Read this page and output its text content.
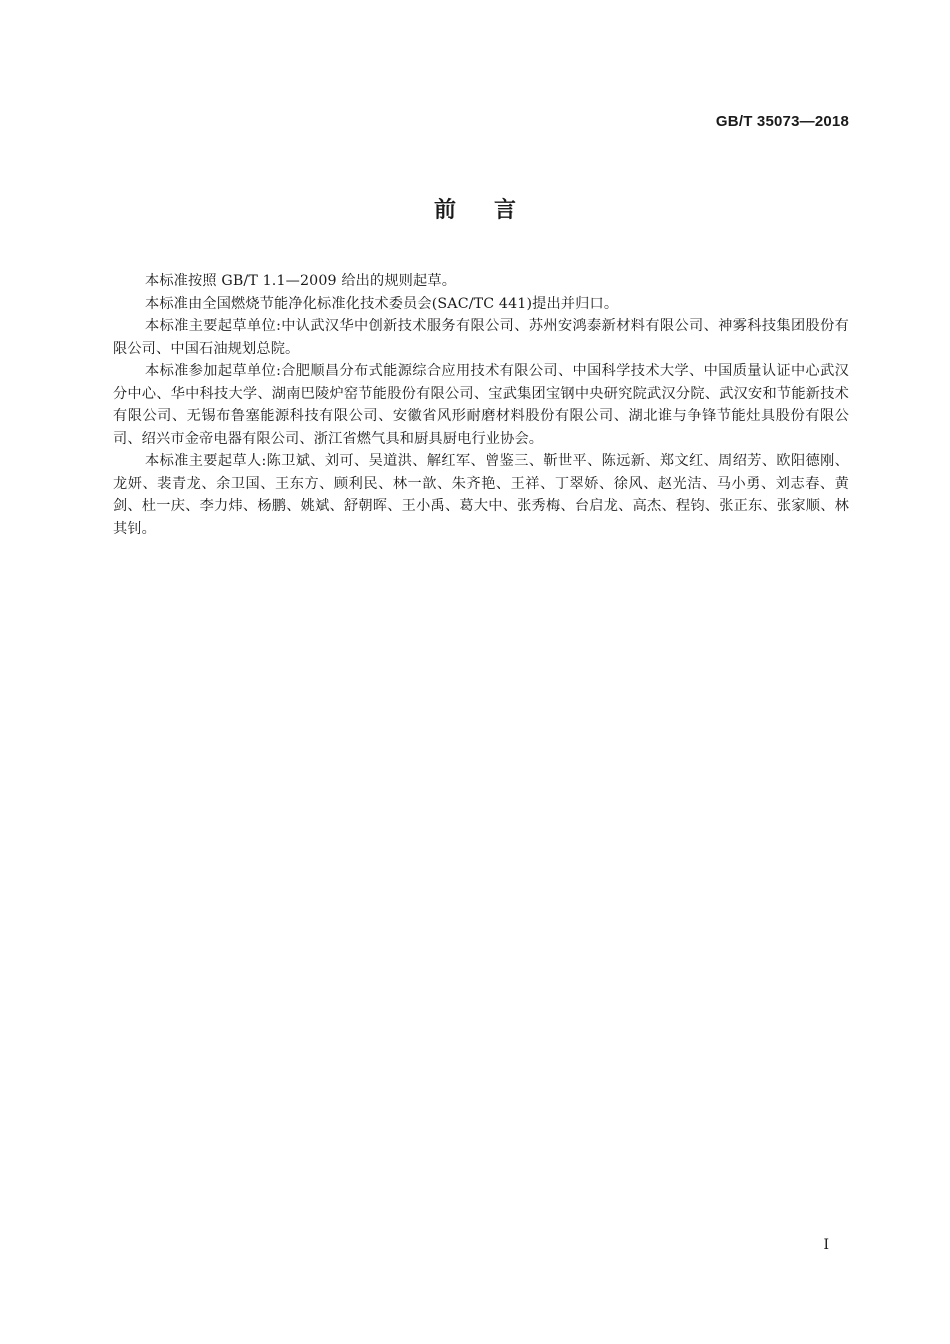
GB/T 35073—2018
前言

本标准按照 GB/T 1.1—2009 给出的规则起草。

本标准由全国燃烧节能净化标准化技术委员会(SAC/TC 441)提出并归口。

本标准主要起草单位:中认武汉华中创新技术服务有限公司、苏州安鸿泰新材料有限公司、神雾科技集团股份有限公司、中国石油规划总院。

本标准参加起草单位:合肥顺昌分布式能源综合应用技术有限公司、中国科学技术大学、中国质量认证中心武汉分中心、华中科技大学、湖南巴陵炉窑节能股份有限公司、宝武集团宝钢中央研究院武汉分院、武汉安和节能新技术有限公司、无锡布鲁塞能源科技有限公司、安徽省风形耐磨材料股份有限公司、湖北谁与争锋节能灶具股份有限公司、绍兴市金帝电器有限公司、浙江省燃气具和厨具厨电行业协会。

本标准主要起草人:陈卫斌、刘可、吴道洪、解红军、曾鉴三、靳世平、陈远新、郑文红、周绍芳、欧阳德刚、龙妍、裴青龙、余卫国、王东方、顾利民、林一歆、朱齐艳、王祥、丁翠娇、徐风、赵光洁、马小勇、刘志春、黄剑、杜一庆、李力炜、杨鹏、姚斌、舒朝晖、王小禹、葛大中、张秀梅、台启龙、高杰、程钧、张正东、张家顺、林其钊。

I
